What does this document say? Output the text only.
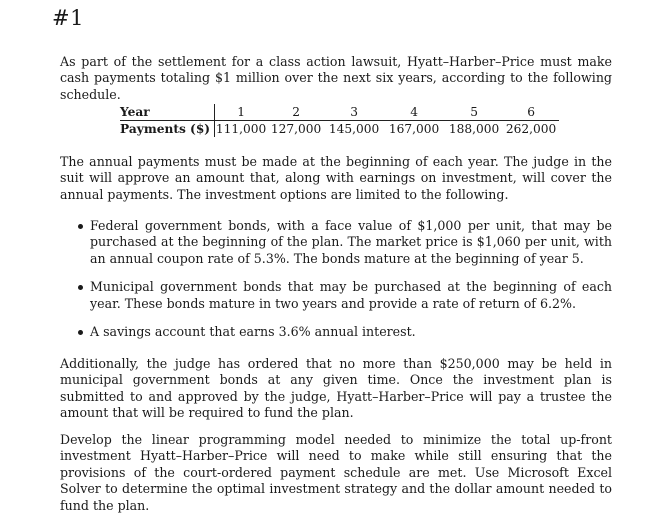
#1

As part of the settlement for a class action lawsuit, Hyatt–Harber–Price must make cash payments totaling $1 million over the next six years, according to the following schedule.

Year	1	2	3	4	5	6
Payments ($)	111,000	127,000	145,000	167,000	188,000	262,000

The annual payments must be made at the beginning of each year. The judge in the suit will approve an amount that, along with earnings on investment, will cover the annual payments. The investment options are limited to the following.

Federal government bonds, with a face value of $1,000 per unit, that may be purchased at the beginning of the plan. The market price is $1,060 per unit, with an annual coupon rate of 5.3%. The bonds mature at the beginning of year 5.
Municipal government bonds that may be purchased at the beginning of each year. These bonds mature in two years and provide a rate of return of 6.2%.
A savings account that earns 3.6% annual interest.

Additionally, the judge has ordered that no more than $250,000 may be held in municipal government bonds at any given time. Once the investment plan is submitted to and approved by the judge, Hyatt–Harber–Price will pay a trustee the amount that will be required to fund the plan.

Develop the linear programming model needed to minimize the total up-front investment Hyatt–Harber–Price will need to make while still ensuring that the provisions of the court-ordered payment schedule are met. Use Microsoft Excel Solver to determine the optimal investment strategy and the dollar amount needed to fund the plan.
